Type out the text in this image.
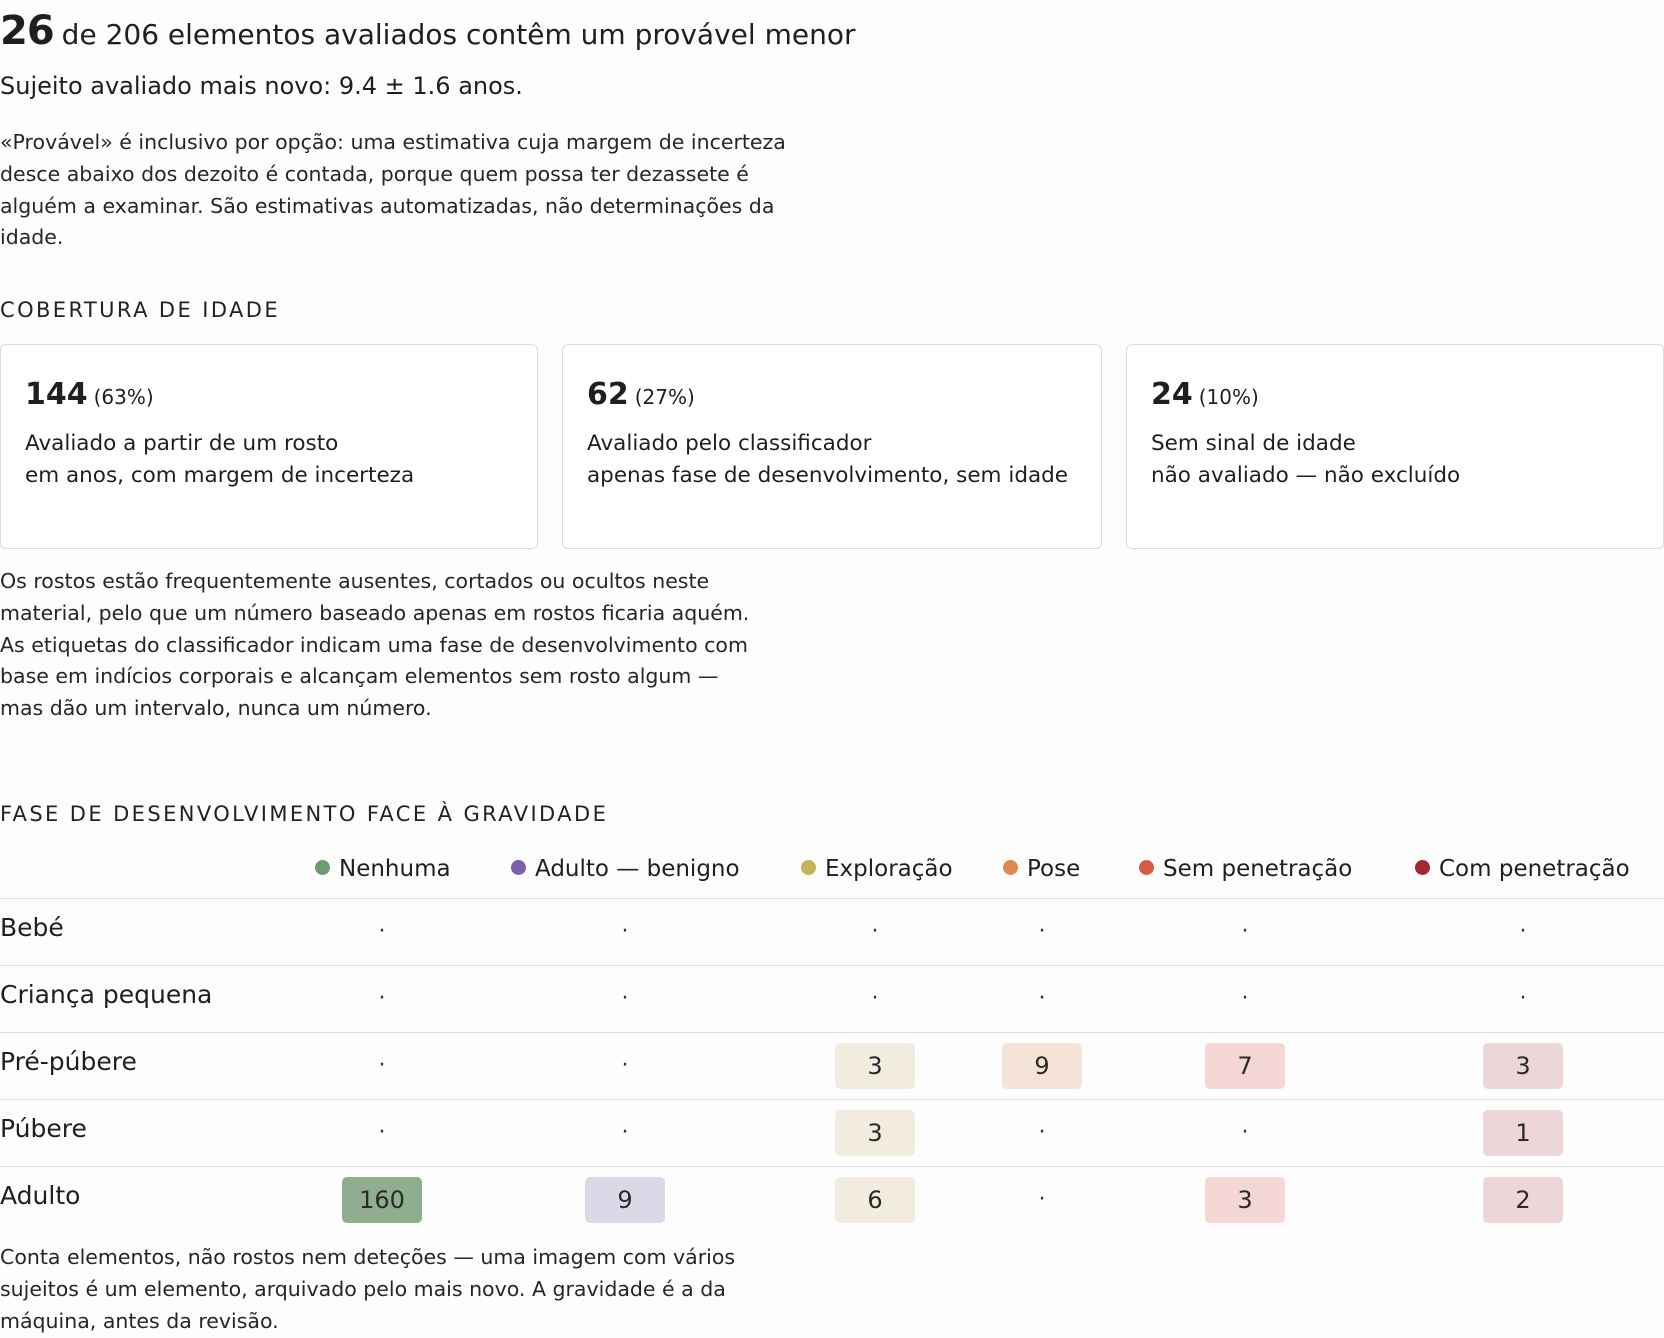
26 de 206 elementos avaliados contêm um provável menor
Sujeito avaliado mais novo: 9.4 ± 1.6 anos.
«Provável» é inclusivo por opção: uma estimativa cuja margem de incerteza desce abaixo dos dezoito é contada, porque quem possa ter dezassete é alguém a examinar. São estimativas automatizadas, não determinações da idade.
COBERTURA DE IDADE
144 (63%)
Avaliado a partir de um rosto
em anos, com margem de incerteza
62 (27%)
Avaliado pelo classificador
apenas fase de desenvolvimento, sem idade
24 (10%)
Sem sinal de idade
não avaliado — não excluído
Os rostos estão frequentemente ausentes, cortados ou ocultos neste material, pelo que um número baseado apenas em rostos ficaria aquém. As etiquetas do classificador indicam uma fase de desenvolvimento com base em indícios corporais e alcançam elementos sem rosto algum — mas dão um intervalo, nunca um número.
FASE DE DESENVOLVIMENTO FACE À GRAVIDADE
Nenhuma	Adulto — benigno	Exploração	Pose	Sem penetração	Com penetração
Bebé	·	·	·	·	·	·
Criança pequena	·	·	·	·	·	·
Pré-púbere	·	·	3	9	7	3
Púbere	·	·	3	·	·	1
Adulto	160	9	6	·	3	2
Conta elementos, não rostos nem deteções — uma imagem com vários sujeitos é um elemento, arquivado pelo mais novo. A gravidade é a da máquina, antes da revisão.
